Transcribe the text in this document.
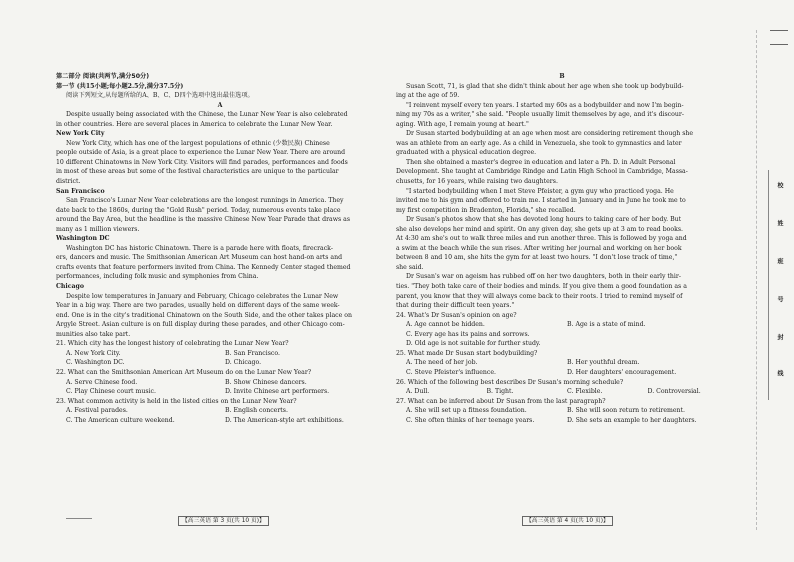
第二部分 阅读(共两节,满分50分)

第一节 (共15小题;每小题2.5分,满分37.5分)

阅读下列短文,从每题所给的A、B、C、D四个选项中选出最佳选项。

A

Despite usually being associated with the Chinese, the Lunar New Year is also celebrated
in other countries. Here are several places in America to celebrate the Lunar New Year.

New York City

New York City, which has one of the largest populations of ethnic (少数民族) Chinese
people outside of Asia, is a great place to experience the Lunar New Year. There are around
10 different Chinatowns in New York City. Visitors will find parades, performances and foods
in most of these areas but some of the festival characteristics are unique to the particular
district.

San Francisco

San Francisco's Lunar New Year celebrations are the longest runnings in America. They
date back to the 1860s, during the "Gold Rush" period. Today, numerous events take place
around the Bay Area, but the headline is the massive Chinese New Year Parade that draws as
many as 1 million viewers.

Washington DC

Washington DC has historic Chinatown. There is a parade here with floats, firecrack-
ers, dancers and music. The Smithsonian American Art Museum can host hand-on arts and
crafts events that feature performers invited from China. The Kennedy Center staged themed
performances, including folk music and symphonies from China.

Chicago

Despite low temperatures in January and February, Chicago celebrates the Lunar New
Year in a big way. There are two parades, usually held on different days of the same week-
end. One is in the city's traditional Chinatown on the South Side, and the other takes place on
Argyle Street. Asian culture is on full display during these parades, and other Chicago com-
munities also take part.

21. Which city has the longest history of celebrating the Lunar New Year?

A. New York City.	B. San Francisco.
C. Washington DC.	D. Chicago.

22. What can the Smithsonian American Art Museum do on the Lunar New Year?

A. Serve Chinese food.	B. Show Chinese dancers.
C. Play Chinese court music.	D. Invite Chinese art performers.

23. What common activity is held in the listed cities on the Lunar New Year?

A. Festival parades.	B. English concerts.
C. The American culture weekend.	D. The American-style art exhibitions.

B

Susan Scott, 71, is glad that she didn't think about her age when she took up bodybuild-
ing at the age of 59.
"I reinvent myself every ten years. I started my 60s as a bodybuilder and now I'm begin-
ning my 70s as a writer," she said. "People usually limit themselves by age, and it's discour-
aging. With age, I remain young at heart."
Dr Susan started bodybuilding at an age when most are considering retirement though she
was an athlete from an early age. As a child in Venezuela, she took to gymnastics and later
graduated with a physical education degree.
Then she obtained a master's degree in education and later a Ph. D. in Adult Personal
Development. She taught at Cambridge Rindge and Latin High School in Cambridge, Massa-
chusetts, for 16 years, while raising two daughters.
"I started bodybuilding when I met Steve Pfeister, a gym guy who practiced yoga. He
invited me to his gym and offered to train me. I started in January and in June he took me to
my first competition in Bradenton, Florida," she recalled.
Dr Susan's photos show that she has devoted long hours to taking care of her body. But
she also develops her mind and spirit. On any given day, she gets up at 3 am to read books.
At 4:30 am she's out to walk three miles and run another three. This is followed by yoga and
a swim at the beach while the sun rises. After writing her journal and working on her book
between 8 and 10 am, she hits the gym for at least two hours. "I don't lose track of time,"
she said.
Dr Susan's war on ageism has rubbed off on her two daughters, both in their early thir-
ties. "They both take care of their bodies and minds. If you give them a good foundation as a
parent, you know that they will always come back to their roots. I tried to remind myself of
that during their difficult teen years."

24. What's Dr Susan's opinion on age?

A. Age cannot be hidden.	B. Age is a state of mind.
C. Every age has its pains and sorrows.
D. Old age is not suitable for further study.

25. What made Dr Susan start bodybuilding?

A. The need of her job.	B. Her youthful dream.
C. Steve Pfeister's influence.	D. Her daughters' encouragement.

26. Which of the following best describes Dr Susan's morning schedule?

A. Dull.	B. Tight.	C. Flexible.	D. Controversial.

27. What can be inferred about Dr Susan from the last paragraph?

A. She will set up a fitness foundation.	B. She will soon return to retirement.
C. She often thinks of her teenage years.	D. She sets an example to her daughters.
【高三英语 第 3 页(共 10 页)】	【高三英语 第 4 页(共 10 页)】
校
姓
班
号
封
线
